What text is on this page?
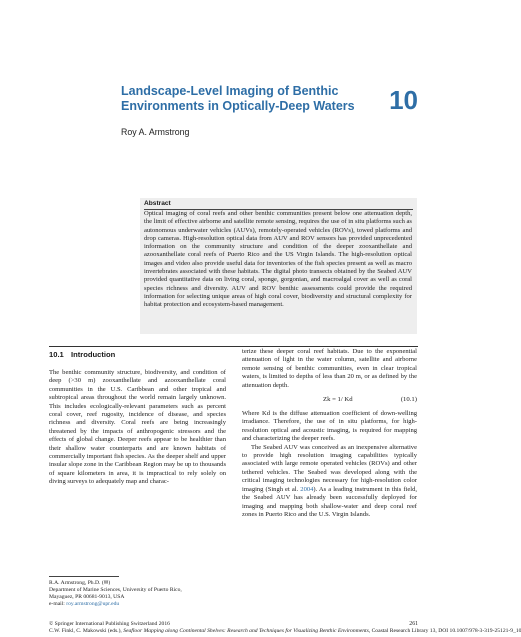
Landscape-Level Imaging of Benthic Environments in Optically-Deep Waters	10
Roy A. Armstrong
Abstract
Optical imaging of coral reefs and other benthic communities present below one attenuation depth, the limit of effective airborne and satellite remote sensing, requires the use of in situ platforms such as autonomous underwater vehicles (AUVs), remotely-operated vehicles (ROVs), towed platforms and drop cameras. High-resolution optical data from AUV and ROV sensors has provided unprecedented information on the community structure and condition of the deeper zooxanthellate and azooxanthellate coral reefs of Puerto Rico and the US Virgin Islands. The high-resolution optical images and video also provide useful data for inventories of the fish species present as well as macro invertebrates associated with these habitats. The digital photo transects obtained by the Seabed AUV provided quantitative data on living coral, sponge, gorgonian, and macroalgal cover as well as coral species richness and diversity. AUV and ROV benthic assessments could provide the required information for selecting unique areas of high coral cover, biodiversity and structural complexity for habitat protection and ecosystem-based management.
10.1 Introduction

The benthic community structure, biodiversity, and condition of deep (>30 m) zooxanthellate and azooxanthellate coral communities in the U.S. Caribbean and other tropical and subtropical areas throughout the world remain largely unknown. This includes ecologically-relevant parameters such as percent coral cover, reef rugosity, incidence of disease, and species richness and diversity. Coral reefs are being increasingly threatened by the impacts of anthropogenic stressors and the effects of global change. Deeper reefs appear to be healthier than their shallow water counterparts and are known habitats of commercially important fish species. As the deeper shelf and upper insular slope zone in the Caribbean Region may be up to thousands of square kilometers in area, it is impractical to rely solely on diving surveys to adequately map and charac-

terize these deeper coral reef habitats. Due to the exponential attenuation of light in the water column, satellite and airborne remote sensing of benthic communities, even in clear tropical waters, is limited to depths of less than 20 m, or as defined by the attenuation depth.

Zk = 1/ Kd	(10.1)

Where Kd is the diffuse attenuation coefficient of down-welling irradiance. Therefore, the use of in situ platforms, for high-resolution optical and acoustic imaging, is required for mapping and characterizing the deeper reefs.

The Seabed AUV was conceived as an inexpensive alternative to provide high resolution imaging capabilities typically associated with large remote operated vehicles (ROVs) and other tethered vehicles. The Seabed was developed along with the critical imaging technologies necessary for high-resolution color imaging (Singh et al. 2004). As a leading instrument in this field, the Seabed AUV has already been successfully deployed for imaging and mapping both shallow-water and deep coral reef zones in Puerto Rico and the U.S. Virgin Islands.

R.A. Armstrong, Ph.D. (✉)
Department of Marine Sciences, University of Puerto Rico,
Mayaguez, PR 00681-9013, USA
e-mail: roy.armstrong@upr.edu
© Springer International Publishing Switzerland 2016
C.W. Finkl, C. Makowski (eds.), Seafloor Mapping along Continental Shelves: Research and Techniques for Visualizing Benthic Environments, Coastal Research Library 13, DOI 10.1007/978-3-319-25121-9_10
261
